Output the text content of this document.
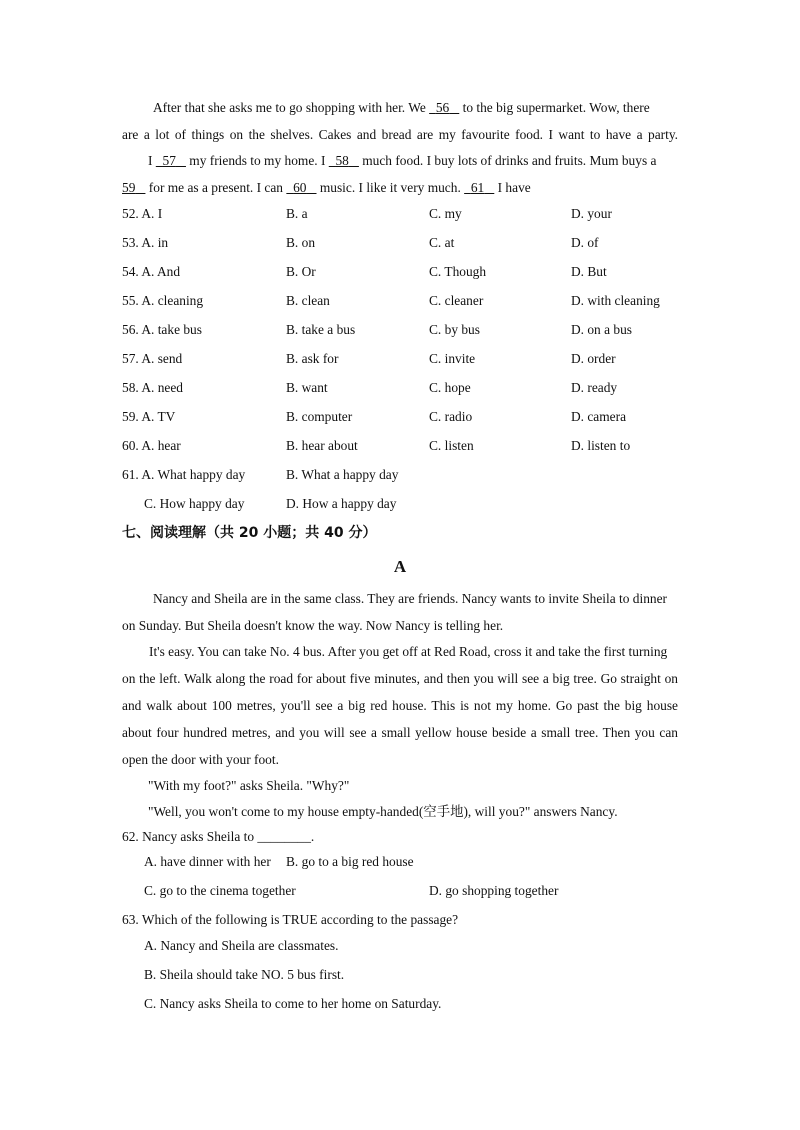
After that she asks me to go shopping with her. We   56    to the big supermarket. Wow, there
are a lot of things on the shelves. Cakes and bread are my favourite food. I want to have a party.
I   57    my friends to my home. I   58    much food. I buy lots of drinks and fruits. Mum buys a
59    for me as a present. I can   60    music. I like it very much.   61    I have
52. A. I	B. a	C. my	D. your
53. A. in	B. on	C. at	D. of
54. A. And	B. Or	C. Though	D. But
55. A. cleaning	B. clean	C. cleaner	D. with cleaning
56. A. take bus	B. take a bus	C. by bus	D. on a bus
57. A. send	B. ask for	C. invite	D. order
58. A. need	B. want	C. hope	D. ready
59. A. TV	B. computer	C. radio	D. camera
60. A. hear	B. hear about	C. listen	D. listen to
61. A. What happy day	B. What a happy day
C. How happy day	D. How a happy day
七、阅读理解（共 20 小题；共 40 分）
A
Nancy and Sheila are in the same class. They are friends. Nancy wants to invite Sheila to dinner
on Sunday. But Sheila doesn't know the way. Now Nancy is telling her.
It's easy. You can take No. 4 bus. After you get off at Red Road, cross it and take the first turning
on the left. Walk along the road for about five minutes, and then you will see a big tree. Go straight on
and walk about 100 metres, you'll see a big red house. This is not my home. Go past the big house
about four hundred metres, and you will see a small yellow house beside a small tree. Then you can
open the door with your foot.
"With my foot?" asks Sheila. "Why?"
"Well, you won't come to my house empty-handed(空手地), will you?" answers Nancy.
62. Nancy asks Sheila to ________.
A. have dinner with her B. go to a big red house
C. go to the cinema together	D. go shopping together
63. Which of the following is TRUE according to the passage?
A. Nancy and Sheila are classmates.
B. Sheila should take NO. 5 bus first.
C. Nancy asks Sheila to come to her home on Saturday.
